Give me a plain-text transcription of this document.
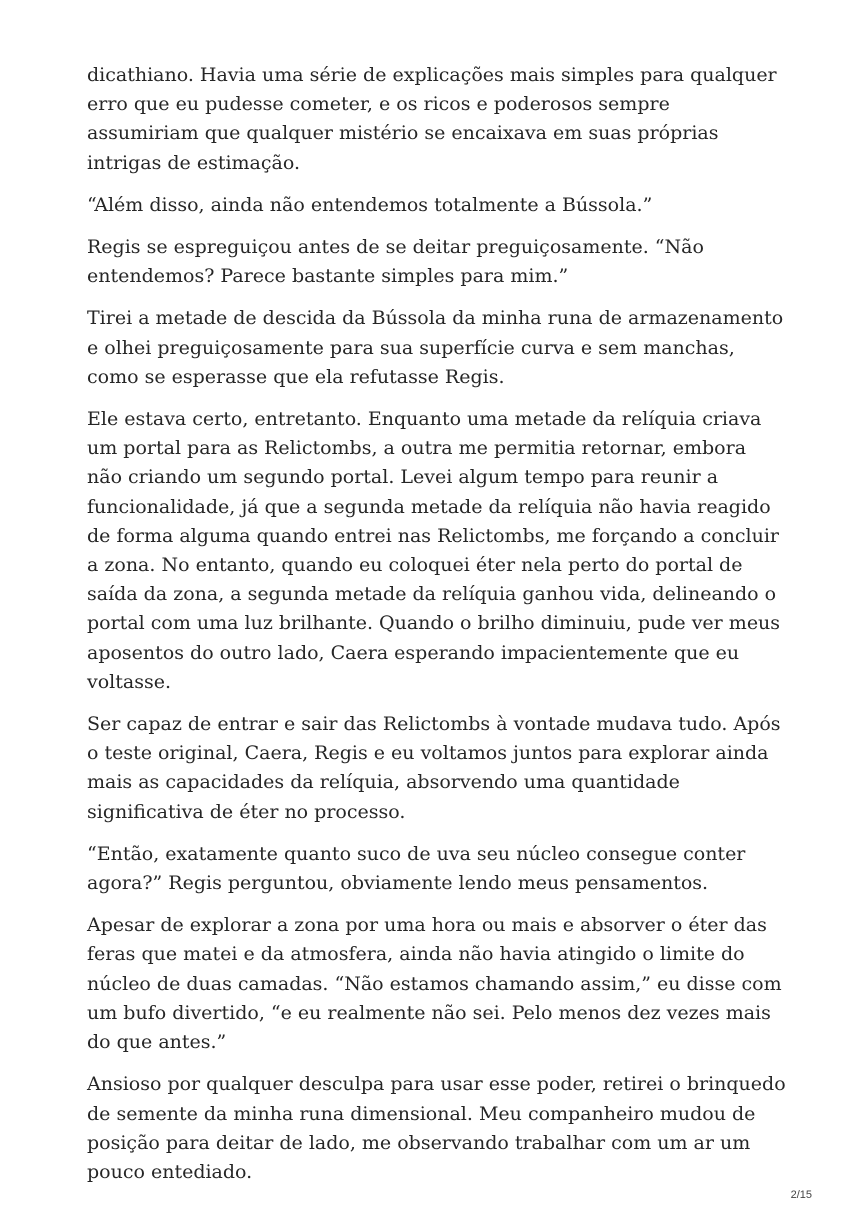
dicathiano. Havia uma série de explicações mais simples para qualquer erro que eu pudesse cometer, e os ricos e poderosos sempre assumiriam que qualquer mistério se encaixava em suas próprias intrigas de estimação.

“Além disso, ainda não entendemos totalmente a Bússola.”

Regis se espreguiçou antes de se deitar preguiçosamente. “Não entendemos? Parece bastante simples para mim.”

Tirei a metade de descida da Bússola da minha runa de armazenamento e olhei preguiçosamente para sua superfície curva e sem manchas, como se esperasse que ela refutasse Regis.

Ele estava certo, entretanto. Enquanto uma metade da relíquia criava um portal para as Relictombs, a outra me permitia retornar, embora não criando um segundo portal. Levei algum tempo para reunir a funcionalidade, já que a segunda metade da relíquia não havia reagido de forma alguma quando entrei nas Relictombs, me forçando a concluir a zona. No entanto, quando eu coloquei éter nela perto do portal de saída da zona, a segunda metade da relíquia ganhou vida, delineando o portal com uma luz brilhante. Quando o brilho diminuiu, pude ver meus aposentos do outro lado, Caera esperando impacientemente que eu voltasse.

Ser capaz de entrar e sair das Relictombs à vontade mudava tudo. Após o teste original, Caera, Regis e eu voltamos juntos para explorar ainda mais as capacidades da relíquia, absorvendo uma quantidade significativa de éter no processo.

“Então, exatamente quanto suco de uva seu núcleo consegue conter agora?” Regis perguntou, obviamente lendo meus pensamentos.

Apesar de explorar a zona por uma hora ou mais e absorver o éter das feras que matei e da atmosfera, ainda não havia atingido o limite do núcleo de duas camadas. “Não estamos chamando assim,” eu disse com um bufo divertido, “e eu realmente não sei. Pelo menos dez vezes mais do que antes.”

Ansioso por qualquer desculpa para usar esse poder, retirei o brinquedo de semente da minha runa dimensional. Meu companheiro mudou de posição para deitar de lado, me observando trabalhar com um ar um pouco entediado.

2/15
